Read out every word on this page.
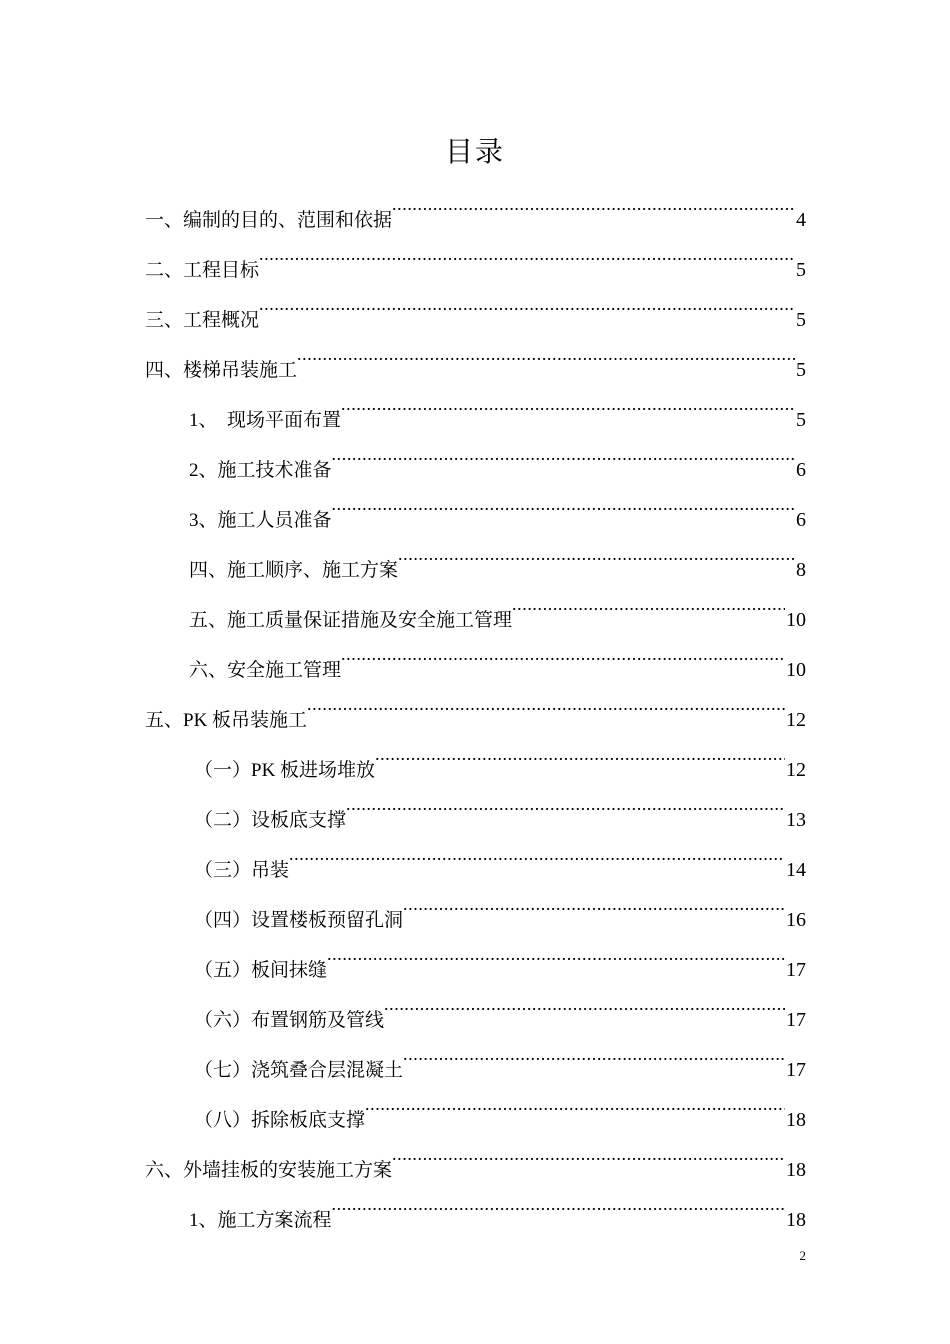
目录
一、编制的目的、范围和依据 .....	4
二、工程目标 .....	5
三、工程概况 .....	5
四、楼梯吊装施工 .....	5
1、  现场平面布置 .....	5
2、施工技术准备 .....	6
3、施工人员准备 .....	6
四、施工顺序、施工方案 .....	8
五、施工质量保证措施及安全施工管理 .....	10
六、安全施工管理 .....	10
五、PK 板吊装施工 .....	12
（一）PK 板进场堆放 .....	12
（二）设板底支撑 .....	13
（三）吊装 .....	14
（四）设置楼板预留孔洞 .....	16
（五）板间抹缝 .....	17
（六）布置钢筋及管线 .....	17
（七）浇筑叠合层混凝土 .....	17
（八）拆除板底支撑 .....	18
六、外墙挂板的安装施工方案 .....	18
1、施工方案流程 .....	18
2
